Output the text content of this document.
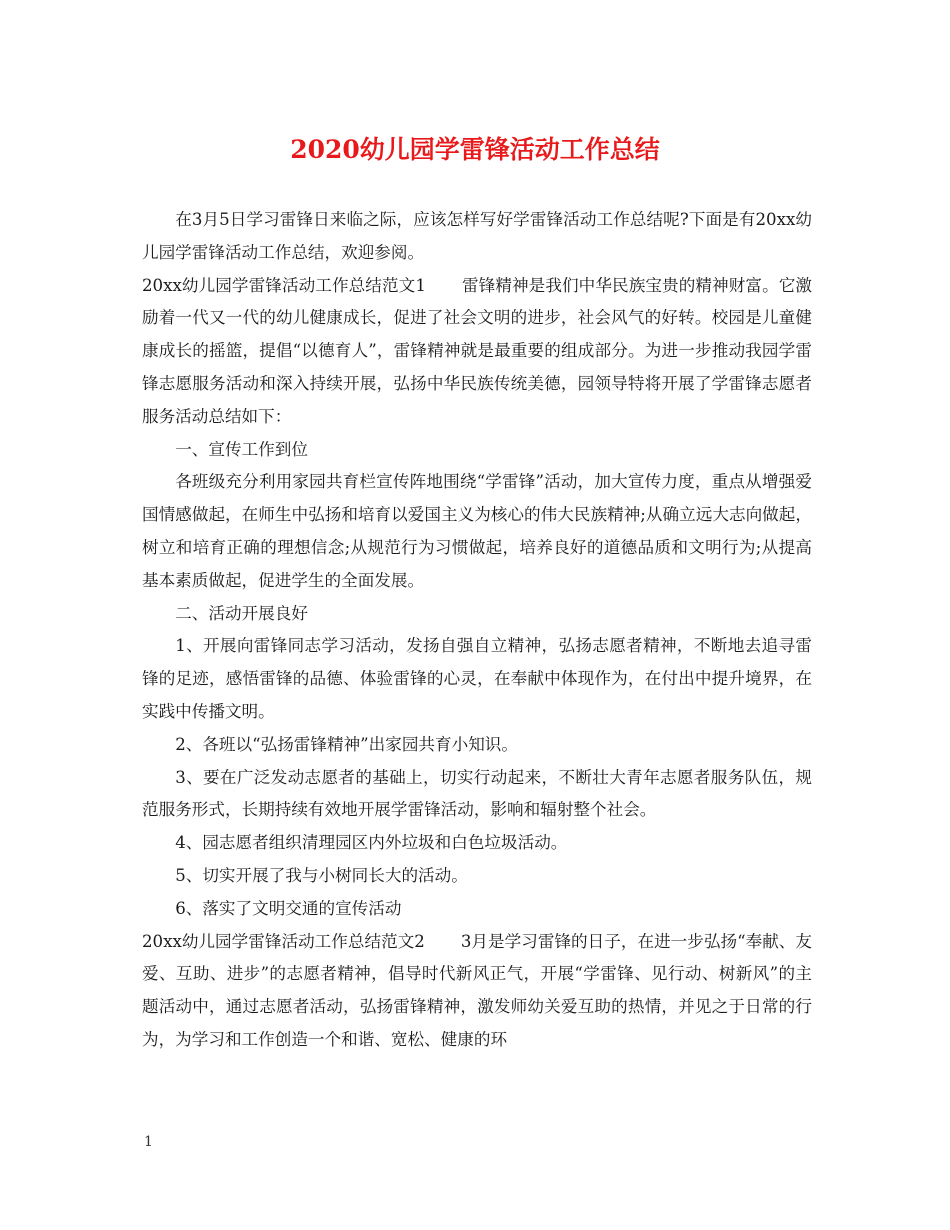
2020幼儿园学雷锋活动工作总结

在3月5日学习雷锋日来临之际，应该怎样写好学雷锋活动工作总结呢?下面是有20xx幼儿园学雷锋活动工作总结，欢迎参阅。

20xx幼儿园学雷锋活动工作总结范文1 雷锋精神是我们中华民族宝贵的精神财富。它激励着一代又一代的幼儿健康成长，促进了社会文明的进步，社会风气的好转。校园是儿童健康成长的摇篮，提倡“以德育人”，雷锋精神就是最重要的组成部分。为进一步推动我园学雷锋志愿服务活动和深入持续开展，弘扬中华民族传统美德，园领导特将开展了学雷锋志愿者服务活动总结如下：

一、宣传工作到位

各班级充分利用家园共育栏宣传阵地围绕“学雷锋”活动，加大宣传力度，重点从增强爱国情感做起，在师生中弘扬和培育以爱国主义为核心的伟大民族精神;从确立远大志向做起，树立和培育正确的理想信念;从规范行为习惯做起，培养良好的道德品质和文明行为;从提高基本素质做起，促进学生的全面发展。

二、活动开展良好

1、开展向雷锋同志学习活动，发扬自强自立精神，弘扬志愿者精神，不断地去追寻雷锋的足迹，感悟雷锋的品德、体验雷锋的心灵，在奉献中体现作为，在付出中提升境界，在实践中传播文明。

2、各班以“弘扬雷锋精神”出家园共育小知识。

3、要在广泛发动志愿者的基础上，切实行动起来，不断壮大青年志愿者服务队伍，规范服务形式，长期持续有效地开展学雷锋活动，影响和辐射整个社会。

4、园志愿者组织清理园区内外垃圾和白色垃圾活动。

5、切实开展了我与小树同长大的活动。

6、落实了文明交通的宣传活动

20xx幼儿园学雷锋活动工作总结范文2 3月是学习雷锋的日子，在进一步弘扬“奉献、友爱、互助、进步”的志愿者精神，倡导时代新风正气，开展“学雷锋、见行动、树新风”的主题活动中，通过志愿者活动，弘扬雷锋精神，激发师幼关爱互助的热情，并见之于日常的行为，为学习和工作创造一个和谐、宽松、健康的环

1
